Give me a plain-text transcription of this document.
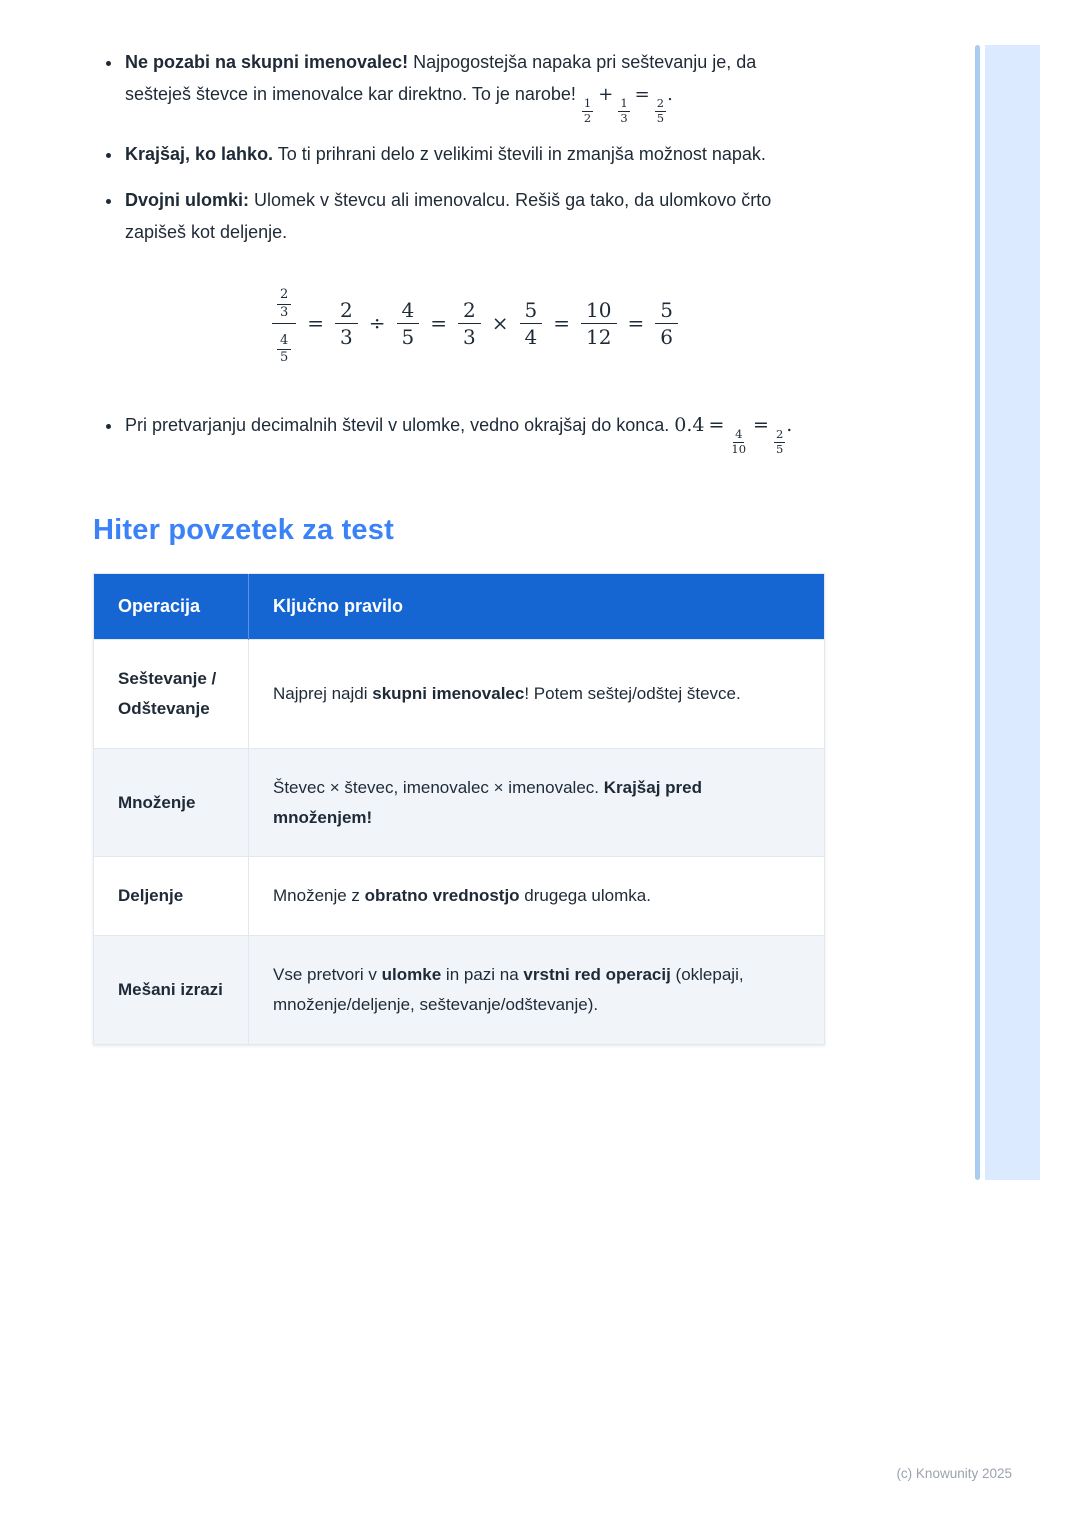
• Ne pozabi na skupni imenovalec! Najpogostejša napaka pri seštevanju je, da sešteješ števce in imenovalce kar direktno. To je narobe!
$\frac{1}{2}$
+
$\frac{1}{3}$
=
$\frac{2}{5}$
.
• Krajšaj, ko lahko. To ti prihrani delo z velikimi števili in zmanjša možnost napak.
• Dvojni ulomki: Ulomek v števcu ali imenovalcu. Rešiš ga tako, da ulomkovo črto zapišeš kot deljenje.
$\frac{\frac{2}{3}}{\frac{4}{5}} = \frac{2}{3} \div \frac{4}{5} = \frac{2}{3} \times \frac{5}{4} = \frac{10}{12} = \frac{5}{6}$
• Pri pretvarjanju decimalnih števil v ulomke, vedno okrajšaj do konca. 0.4 =
$\frac{4}{10}$
=
$\frac{2}{5}$
.
Hiter povzetek za test
Operacija	Ključno pravilo
Seštevanje / Odštevanje	Najprej najdi skupni imenovalec! Potem seštej/odštej števce.
Množenje	Števec × števec, imenovalec × imenovalec. Krajšaj pred množenjem!
Deljenje	Množenje z obratno vrednostjo drugega ulomka.
Mešani izrazi	Vse pretvori v ulomke in pazi na vrstni red operacij (oklepaji, množenje/deljenje, seštevanje/odštevanje).
(c) Knowunity 2025
